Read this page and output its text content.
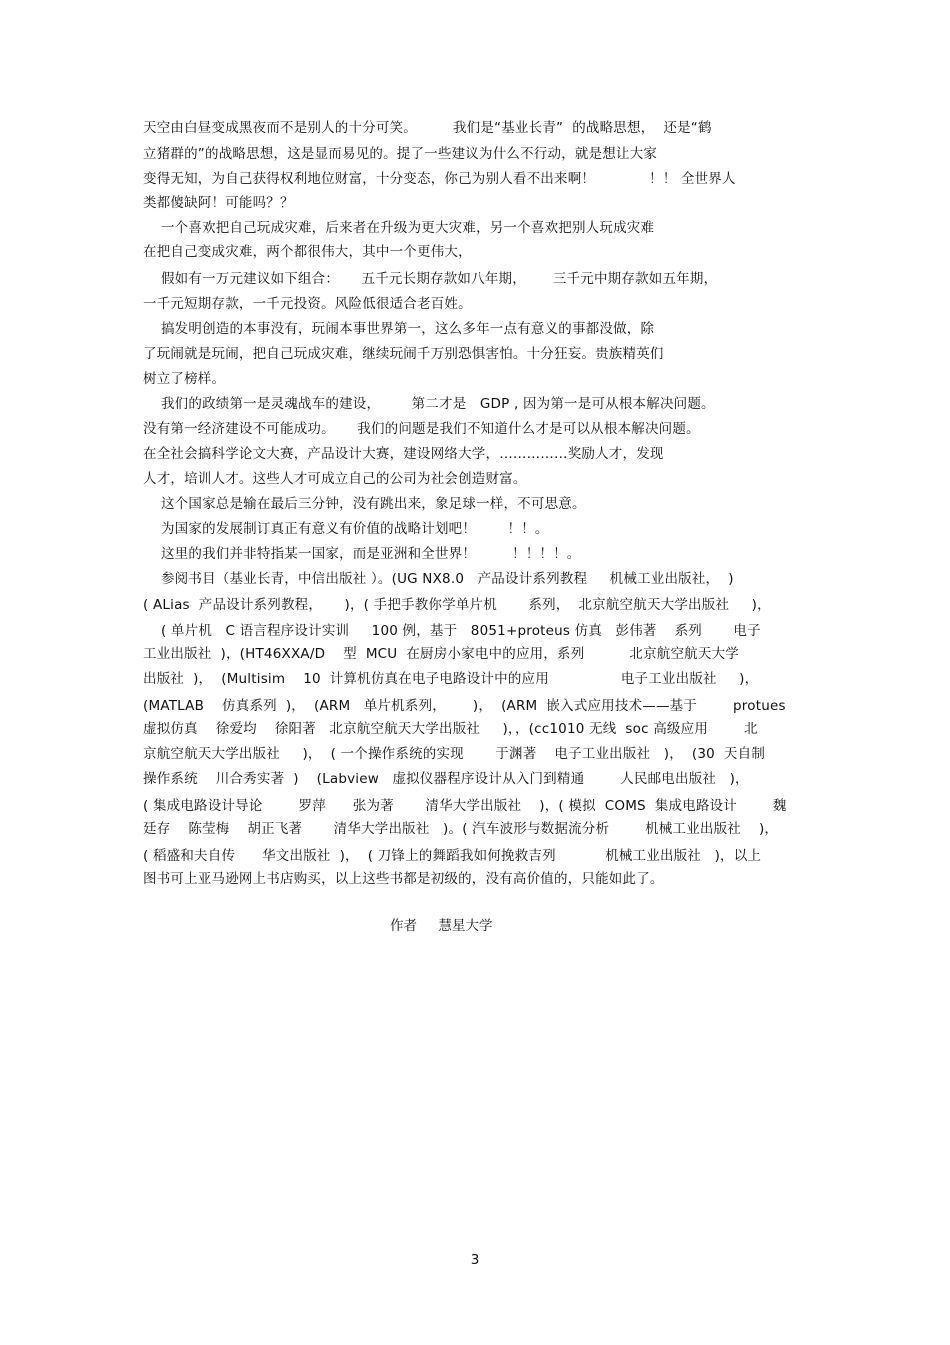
天空由白昼变成黑夜而不是别人的十分可笑。        我们是“基业长青”  的战略思想，  还是“鹤
立猪群的”的战略思想，这是显而易见的。提了一些建议为什么不行动，就是想让大家
变得无知，为自己获得权利地位财富，十分变态，你己为别人看不出来啊！            ！！ 全世界人
类都傻缺阿！可能吗？？
一个喜欢把自己玩成灾难，后来者在升级为更大灾难，另一个喜欢把别人玩成灾难
在把自己变成灾难，两个都很伟大，其中一个更伟大，
假如有一万元建议如下组合：     五千元长期存款如八年期，      三千元中期存款如五年期，
一千元短期存款，一千元投资。风险低很适合老百姓。
搞发明创造的本事没有，玩闹本事世界第一，这么多年一点有意义的事都没做，除
了玩闹就是玩闹，把自己玩成灾难，继续玩闹千万别恐惧害怕。十分狂妄。贵族精英们
树立了榜样。
我们的政绩第一是灵魂战车的建设，       第二才是   GDP , 因为第一是可从根本解决问题。
没有第一经济建设不可能成功。     我们的问题是我们不知道什么才是可以从根本解决问题。
在全社会搞科学论文大赛，产品设计大赛，建设网络大学，……………奖励人才，发现
人才，培训人才。这些人才可成立自己的公司为社会创造财富。
这个国家总是输在最后三分钟，没有跳出来，象足球一样，不可思意。
为国家的发展制订真正有意义有价值的战略计划吧！       ！！。
这里的我们并非特指某一国家，而是亚洲和全世界！        ！！！！。
参阅书目（基业长青，中信出版社 ）。(UG NX8.0   产品设计系列教程     机械工业出版社，  )
( ALias  产品设计系列教程，     )，( 手把手教你学单片机       系列，  北京航空航天大学出版社     )，
( 单片机   C 语言程序设计实训     100 例，基于   8051+proteus 仿真   彭伟著    系列       电子
工业出版社  )，(HT46XXA/D    型  MCU  在厨房小家电中的应用，系列          北京航空航天大学
出版社  )，  (Multisim    10  计算机仿真在电子电路设计中的应用                电子工业出版社     )，
(MATLAB    仿真系列  )，  (ARM   单片机系列，      )，  (ARM  嵌入式应用技术——基于        protues
虚拟仿真    徐爱均    徐阳著   北京航空航天大学出版社     )，，(cc1010 无线  soc 高级应用        北
京航空航天大学出版社     )，  ( 一个操作系统的实现       于渊著    电子工业出版社   )，  (30  天自制
操作系统    川合秀实著  )    (Labview   虚拟仪器程序设计从入门到精通        人民邮电出版社   )，
( 集成电路设计导论        罗萍      张为著       清华大学出版社    )，( 模拟  COMS  集成电路设计        魏
廷存    陈莹梅    胡正飞著       清华大学出版社   )。( 汽车波形与数据流分析        机械工业出版社    )，
( 稻盛和夫自传      华文出版社  )，  ( 刀锋上的舞蹈我如何挽救吉列           机械工业出版社   )，以上
图书可上亚马逊网上书店购买，以上这些书都是初级的，没有高价值的，只能如此了。
作者     慧星大学
3
